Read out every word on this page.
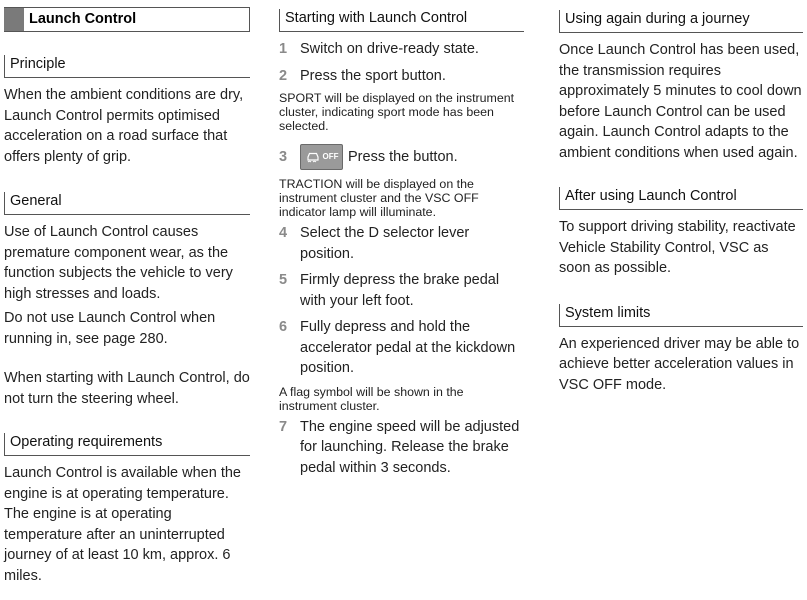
Launch Control
Principle

When the ambient conditions are dry, Launch Control permits optimised acceleration on a road surface that offers plenty of grip.

General

Use of Launch Control causes premature component wear, as the function subjects the vehicle to very high stresses and loads.

Do not use Launch Control when running in, see page 280.

When starting with Launch Control, do not turn the steering wheel.

Operating requirements

Launch Control is available when the engine is at operating temperature. The engine is at operating temperature after an uninterrupted journey of at least 10 km, approx. 6 miles.

Starting with Launch Control
1 Switch on drive-ready state.
2 Press the sport button.

SPORT will be displayed on the instrument cluster, indicating sport mode has been selected.

3	OFF Press the button.

TRACTION will be displayed on the instrument cluster and the VSC OFF indicator lamp will illuminate.

4 Select the D selector lever position.
5 Firmly depress the brake pedal with your left foot.
6 Fully depress and hold the accelerator pedal at the kickdown position.

A flag symbol will be shown in the instrument cluster.

7 The engine speed will be adjusted for launching. Release the brake pedal within 3 seconds.
Using again during a journey

Once Launch Control has been used, the transmission requires approximately 5 minutes to cool down before Launch Control can be used again. Launch Control adapts to the ambient conditions when used again.

After using Launch Control

To support driving stability, reactivate Vehicle Stability Control, VSC as soon as possible.

System limits

An experienced driver may be able to achieve better acceleration values in VSC OFF mode.
